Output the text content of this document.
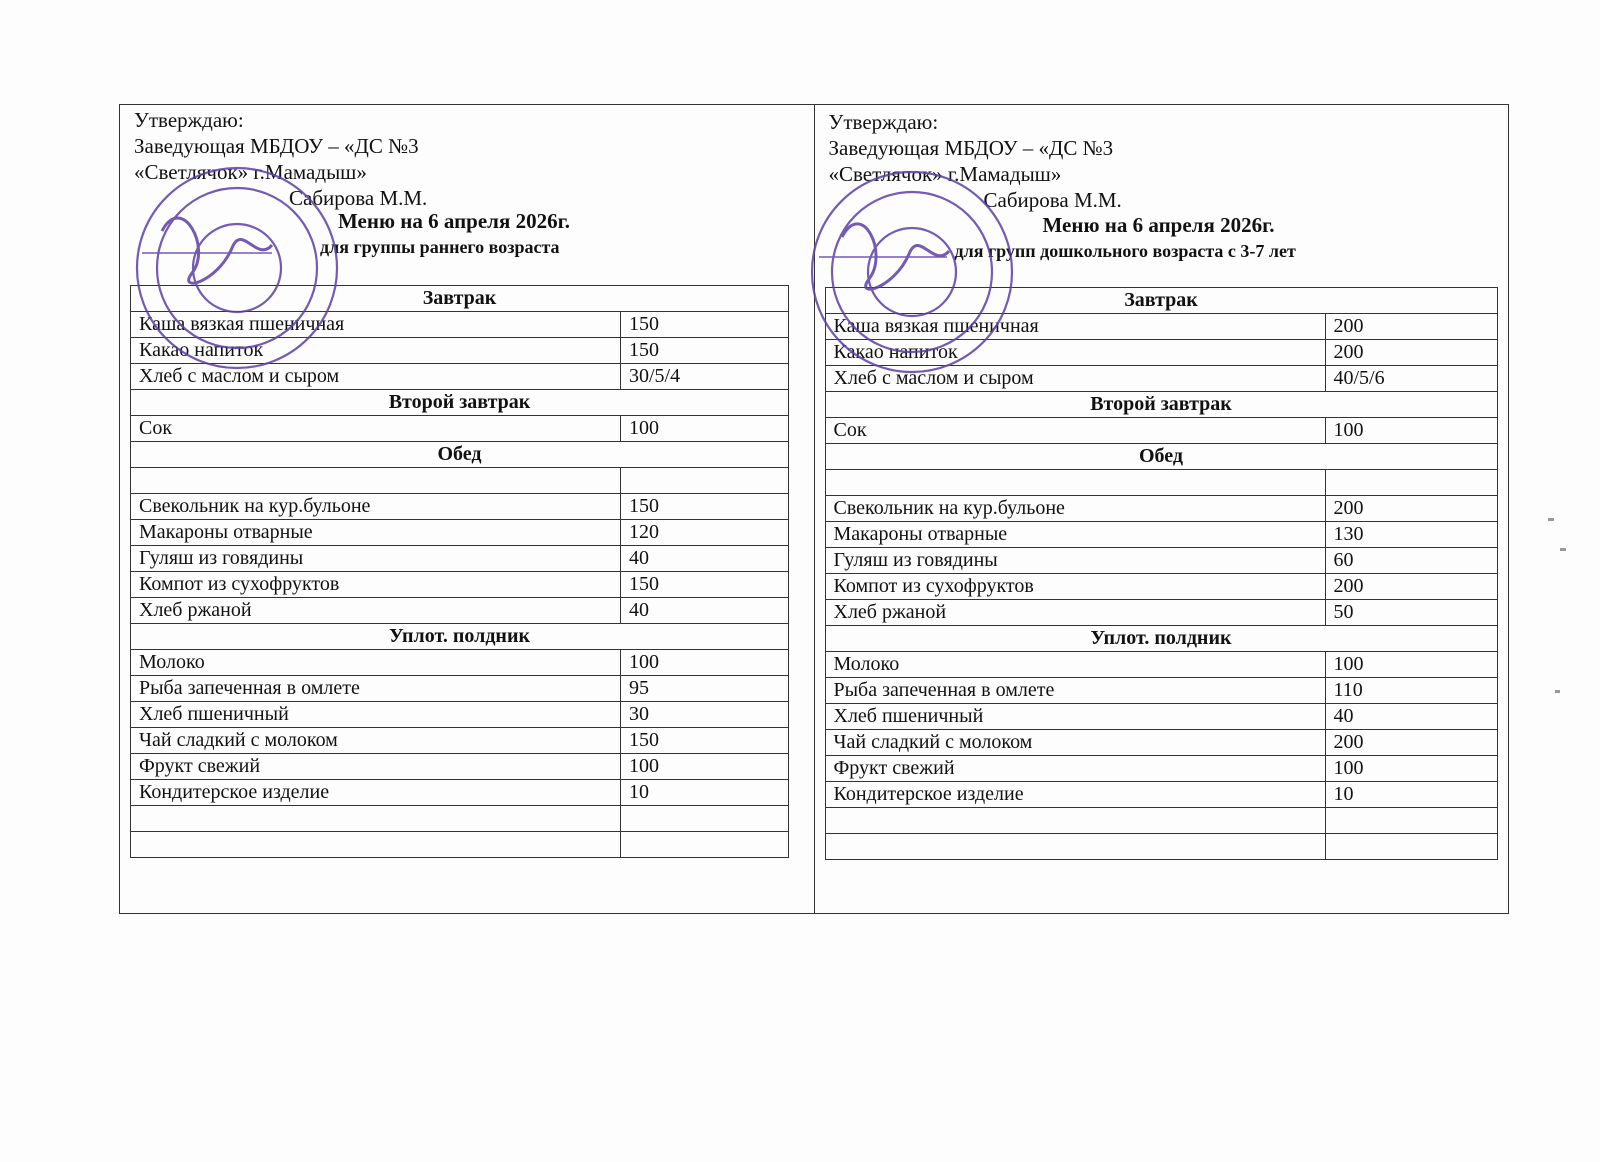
Утверждаю:
Заведующая МБДОУ – «ДС №3
«Светлячок» г.Мамадыш»
Сабирова М.М.
Меню на 6 апреля 2026г.
для группы раннего возраста
Завтрак	
Каша вязкая пшеничная	150
Какао напиток	150
Хлеб с маслом и сыром	30/5/4
Второй завтрак	
Сок	100
Обед	

Свекольник на кур.бульоне	150
Макароны отварные	120
Гуляш из говядины	40
Компот из сухофруктов	150
Хлеб ржаной	40
Уплот. полдник	
Молоко	100
Рыба запеченная в омлете	95
Хлеб пшеничный	30
Чай сладкий с молоком	150
Фрукт свежий	100
Кондитерское изделие	10

Утверждаю:
Заведующая МБДОУ – «ДС №3
«Светлячок» г.Мамадыш»
Сабирова М.М.
Меню на 6 апреля 2026г.
для групп дошкольного возраста с 3-7 лет
Завтрак	
Каша вязкая пшеничная	200
Какао напиток	200
Хлеб с маслом и сыром	40/5/6
Второй завтрак	
Сок	100
Обед	

Свекольник на кур.бульоне	200
Макароны отварные	130
Гуляш из говядины	60
Компот из сухофруктов	200
Хлеб ржаной	50
Уплот. полдник	
Молоко	100
Рыба запеченная в омлете	110
Хлеб пшеничный	40
Чай сладкий с молоком	200
Фрукт свежий	100
Кондитерское изделие	10
